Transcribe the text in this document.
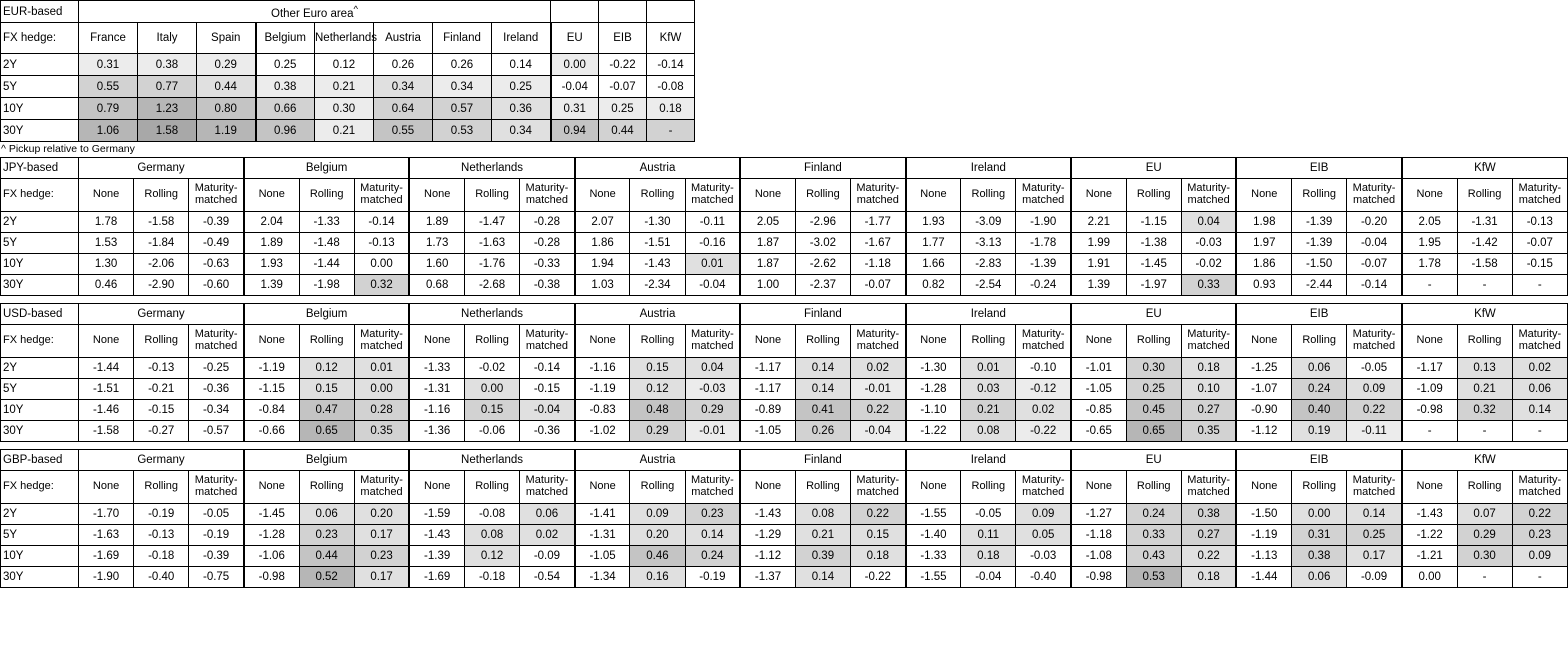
EUR-based	Other Euro area^			
FX hedge:	France	Italy	Spain	Belgium	Netherlands	Austria	Finland	Ireland	EU	EIB	KfW
2Y	0.31	0.38	0.29	0.25	0.12	0.26	0.26	0.14	0.00	-0.22	-0.14
5Y	0.55	0.77	0.44	0.38	0.21	0.34	0.34	0.25	-0.04	-0.07	-0.08
10Y	0.79	1.23	0.80	0.66	0.30	0.64	0.57	0.36	0.31	0.25	0.18
30Y	1.06	1.58	1.19	0.96	0.21	0.55	0.53	0.34	0.94	0.44	-
^ Pickup relative to Germany
JPY-based	Germany			Belgium			Netherlands			Austria			Finland			Ireland			EU			EIB			KfW		
FX hedge:	None	Rolling	Maturity-matched	None	Rolling	Maturity-matched	None	Rolling	Maturity-matched	None	Rolling	Maturity-matched	None	Rolling	Maturity-matched	None	Rolling	Maturity-matched	None	Rolling	Maturity-matched	None	Rolling	Maturity-matched	None	Rolling	Maturity-matched
2Y	1.78	-1.58	-0.39	2.04	-1.33	-0.14	1.89	-1.47	-0.28	2.07	-1.30	-0.11	2.05	-2.96	-1.77	1.93	-3.09	-1.90	2.21	-1.15	0.04	1.98	-1.39	-0.20	2.05	-1.31	-0.13
5Y	1.53	-1.84	-0.49	1.89	-1.48	-0.13	1.73	-1.63	-0.28	1.86	-1.51	-0.16	1.87	-3.02	-1.67	1.77	-3.13	-1.78	1.99	-1.38	-0.03	1.97	-1.39	-0.04	1.95	-1.42	-0.07
10Y	1.30	-2.06	-0.63	1.93	-1.44	0.00	1.60	-1.76	-0.33	1.94	-1.43	0.01	1.87	-2.62	-1.18	1.66	-2.83	-1.39	1.91	-1.45	-0.02	1.86	-1.50	-0.07	1.78	-1.58	-0.15
30Y	0.46	-2.90	-0.60	1.39	-1.98	0.32	0.68	-2.68	-0.38	1.03	-2.34	-0.04	1.00	-2.37	-0.07	0.82	-2.54	-0.24	1.39	-1.97	0.33	0.93	-2.44	-0.14	-	-	-
USD-based	Germany			Belgium			Netherlands			Austria			Finland			Ireland			EU			EIB			KfW		
FX hedge:	None	Rolling	Maturity-matched	None	Rolling	Maturity-matched	None	Rolling	Maturity-matched	None	Rolling	Maturity-matched	None	Rolling	Maturity-matched	None	Rolling	Maturity-matched	None	Rolling	Maturity-matched	None	Rolling	Maturity-matched	None	Rolling	Maturity-matched
2Y	-1.44	-0.13	-0.25	-1.19	0.12	0.01	-1.33	-0.02	-0.14	-1.16	0.15	0.04	-1.17	0.14	0.02	-1.30	0.01	-0.10	-1.01	0.30	0.18	-1.25	0.06	-0.05	-1.17	0.13	0.02
5Y	-1.51	-0.21	-0.36	-1.15	0.15	0.00	-1.31	0.00	-0.15	-1.19	0.12	-0.03	-1.17	0.14	-0.01	-1.28	0.03	-0.12	-1.05	0.25	0.10	-1.07	0.24	0.09	-1.09	0.21	0.06
10Y	-1.46	-0.15	-0.34	-0.84	0.47	0.28	-1.16	0.15	-0.04	-0.83	0.48	0.29	-0.89	0.41	0.22	-1.10	0.21	0.02	-0.85	0.45	0.27	-0.90	0.40	0.22	-0.98	0.32	0.14
30Y	-1.58	-0.27	-0.57	-0.66	0.65	0.35	-1.36	-0.06	-0.36	-1.02	0.29	-0.01	-1.05	0.26	-0.04	-1.22	0.08	-0.22	-0.65	0.65	0.35	-1.12	0.19	-0.11	-	-	-
GBP-based	Germany			Belgium			Netherlands			Austria			Finland			Ireland			EU			EIB			KfW		
FX hedge:	None	Rolling	Maturity-matched	None	Rolling	Maturity-matched	None	Rolling	Maturity-matched	None	Rolling	Maturity-matched	None	Rolling	Maturity-matched	None	Rolling	Maturity-matched	None	Rolling	Maturity-matched	None	Rolling	Maturity-matched	None	Rolling	Maturity-matched
2Y	-1.70	-0.19	-0.05	-1.45	0.06	0.20	-1.59	-0.08	0.06	-1.41	0.09	0.23	-1.43	0.08	0.22	-1.55	-0.05	0.09	-1.27	0.24	0.38	-1.50	0.00	0.14	-1.43	0.07	0.22
5Y	-1.63	-0.13	-0.19	-1.28	0.23	0.17	-1.43	0.08	0.02	-1.31	0.20	0.14	-1.29	0.21	0.15	-1.40	0.11	0.05	-1.18	0.33	0.27	-1.19	0.31	0.25	-1.22	0.29	0.23
10Y	-1.69	-0.18	-0.39	-1.06	0.44	0.23	-1.39	0.12	-0.09	-1.05	0.46	0.24	-1.12	0.39	0.18	-1.33	0.18	-0.03	-1.08	0.43	0.22	-1.13	0.38	0.17	-1.21	0.30	0.09
30Y	-1.90	-0.40	-0.75	-0.98	0.52	0.17	-1.69	-0.18	-0.54	-1.34	0.16	-0.19	-1.37	0.14	-0.22	-1.55	-0.04	-0.40	-0.98	0.53	0.18	-1.44	0.06	-0.09	0.00	-	-
